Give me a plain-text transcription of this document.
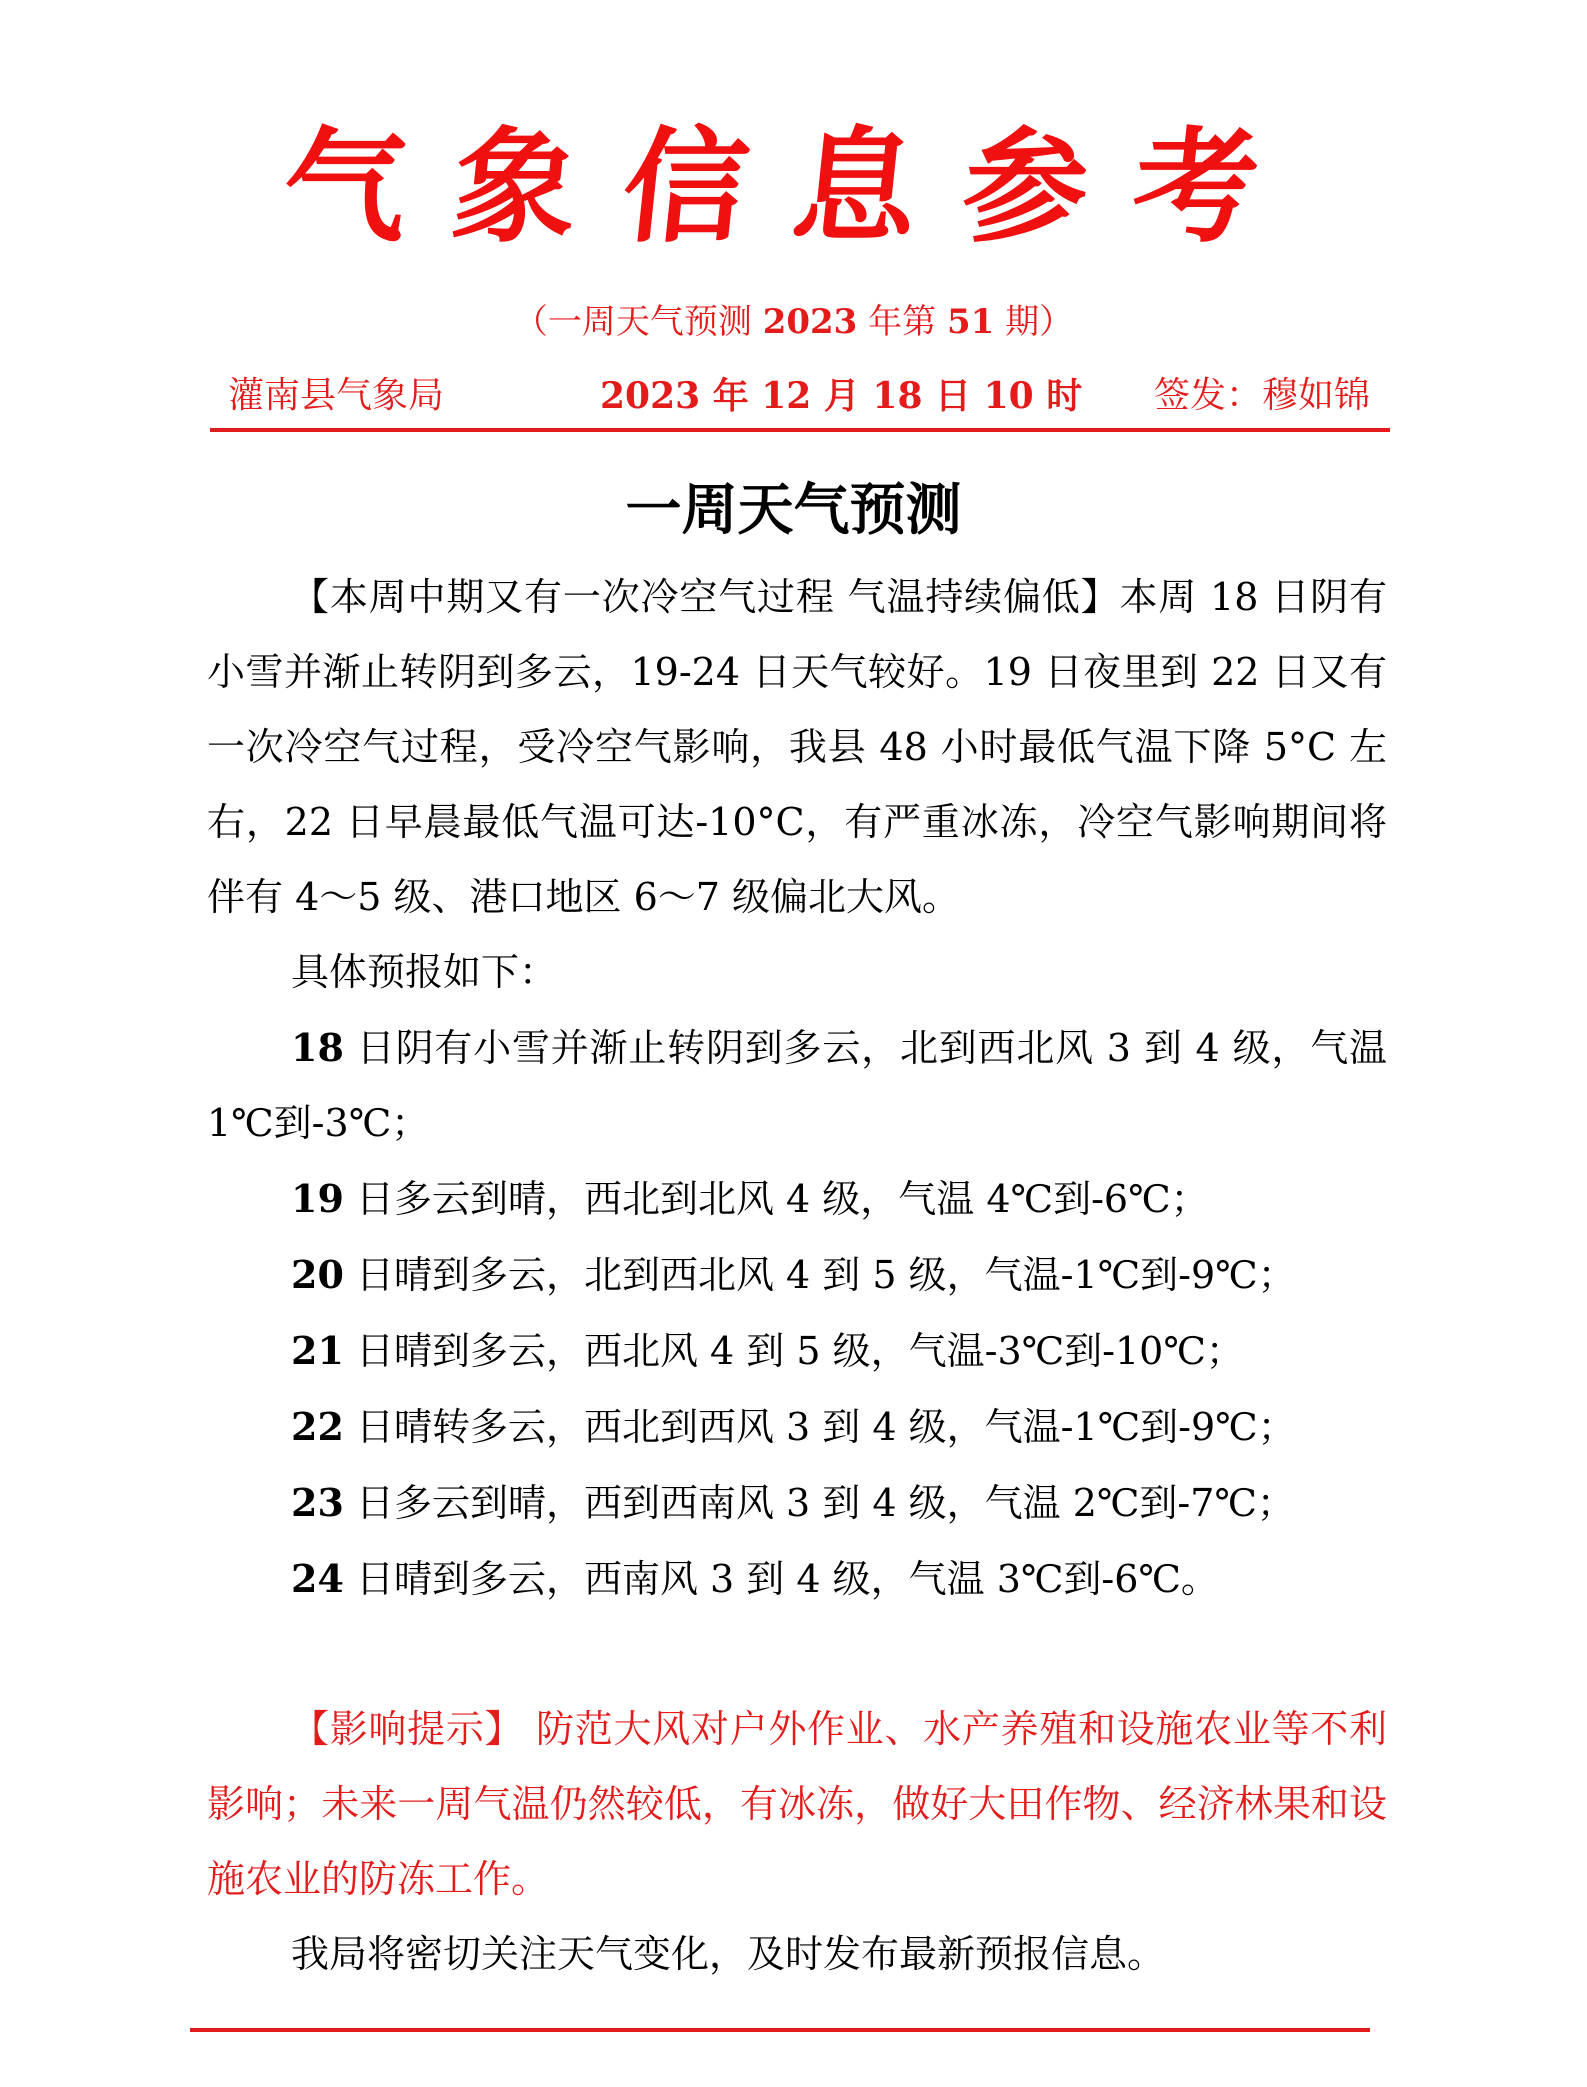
气象信息参考
（一周天气预测 2023 年第 51 期）
灌南县气象局	2023 年 12 月 18 日 10 时 签发：穆如锦
一周天气预测

【本周中期又有一次冷空气过程 气温持续偏低】本周 18 日阴有小雪并渐止转阴到多云，19-24 日天气较好。19 日夜里到 22 日又有一次冷空气过程，受冷空气影响，我县 48 小时最低气温下降 5°C 左右，22 日早晨最低气温可达-10°C，有严重冰冻，冷空气影响期间将伴有 4～5 级、港口地区 6～7 级偏北大风。

具体预报如下：

18 日阴有小雪并渐止转阴到多云，北到西北风 3 到 4 级，气温 1℃到-3℃；

19 日多云到晴，西北到北风 4 级，气温 4℃到-6℃；

20 日晴到多云，北到西北风 4 到 5 级，气温-1℃到-9℃；

21 日晴到多云，西北风 4 到 5 级，气温-3℃到-10℃；

22 日晴转多云，西北到西风 3 到 4 级，气温-1℃到-9℃；

23 日多云到晴，西到西南风 3 到 4 级，气温 2℃到-7℃；

24 日晴到多云，西南风 3 到 4 级，气温 3℃到-6℃。

【影响提示】 防范大风对户外作业、水产养殖和设施农业等不利影响；未来一周气温仍然较低，有冰冻，做好大田作物、经济林果和设施农业的防冻工作。

我局将密切关注天气变化，及时发布最新预报信息。
